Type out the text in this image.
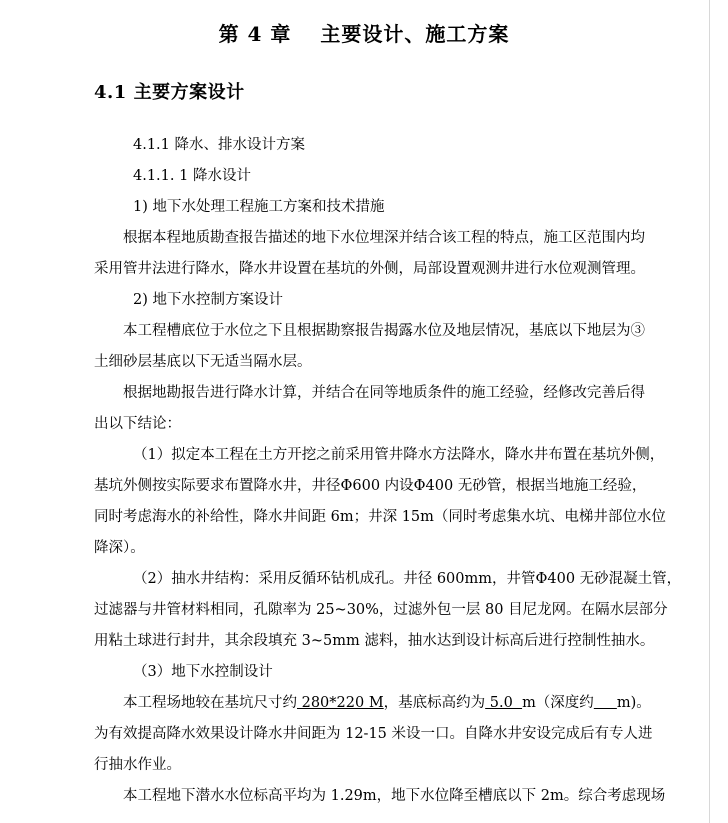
第 4 章　 主要设计、施工方案
4.1 主要方案设计
4.1.1 降水、排水设计方案
4.1.1. 1 降水设计
1) 地下水处理工程施工方案和技术措施
根据本程地质勘查报告描述的地下水位埋深并结合该工程的特点，施工区范围内均
采用管井法进行降水，降水井设置在基坑的外侧，局部设置观测井进行水位观测管理。
2) 地下水控制方案设计
本工程槽底位于水位之下且根据勘察报告揭露水位及地层情况，基底以下地层为③
土细砂层基底以下无适当隔水层。
根据地勘报告进行降水计算，并结合在同等地质条件的施工经验，经修改完善后得
出以下结论：
（1）拟定本工程在土方开挖之前采用管井降水方法降水，降水井布置在基坑外侧，
基坑外侧按实际要求布置降水井，井径Φ600 内设Φ400 无砂管，根据当地施工经验，
同时考虑海水的补给性，降水井间距 6m；井深 15m（同时考虑集水坑、电梯井部位水位
降深）。
（2）抽水井结构：采用反循环钻机成孔。井径 600mm，井管Φ400 无砂混凝土管，
过滤器与井管材料相同，孔隙率为 25~30%，过滤外包一层 80 目尼龙网。在隔水层部分
用粘土球进行封井，其余段填充 3~5mm 滤料，抽水达到设计标高后进行控制性抽水。
（3）地下水控制设计
本工程场地较在基坑尺寸约 280*220 M，基底标高约为 5.0  m（深度约 m)。
为有效提高降水效果设计降水井间距为 12-15 米设一口。自降水井安设完成后有专人进
行抽水作业。
本工程地下潜水水位标高平均为 1.29m，地下水位降至槽底以下 2m。综合考虑现场
